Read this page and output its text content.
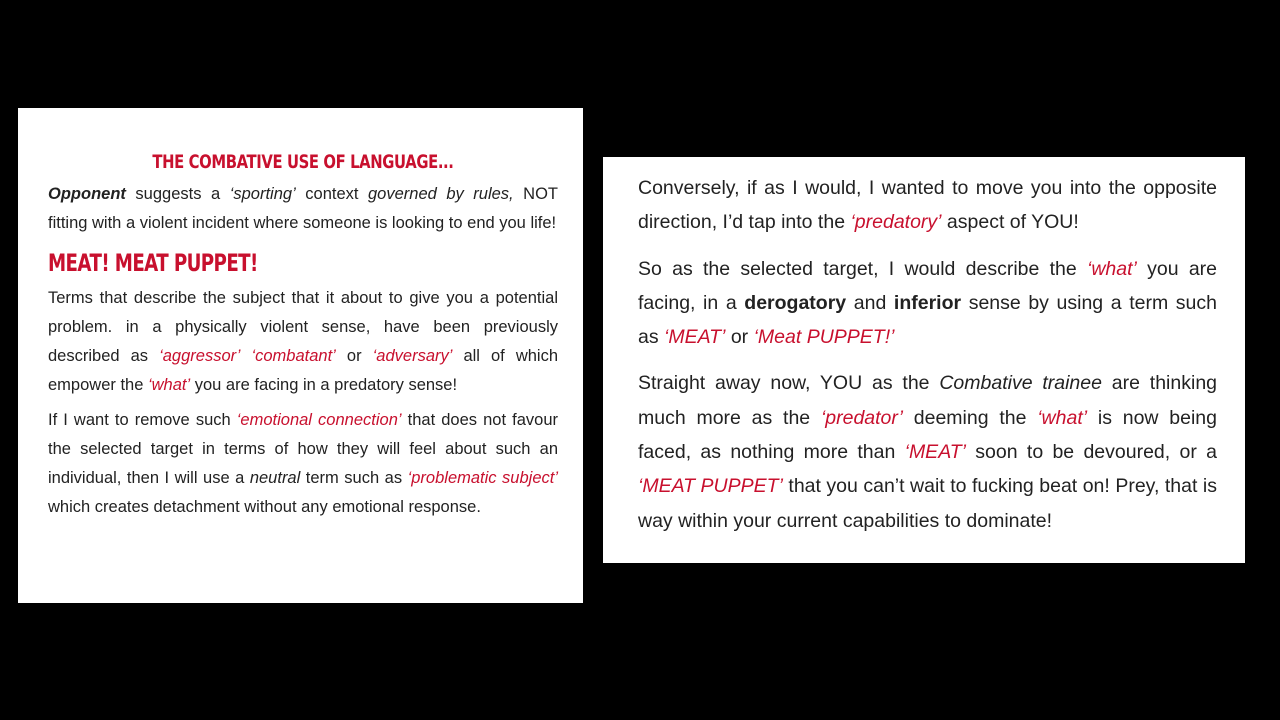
THE COMBATIVE USE OF LANGUAGE...

Opponent suggests a ‘sporting’ context governed by rules, NOT fitting with a violent incident where someone is looking to end you life!

MEAT! MEAT PUPPET!

Terms that describe the subject that it about to give you a potential problem. in a physically violent sense, have been previously described as ‘aggressor’ ‘combatant’ or ‘adversary’ all of which empower the ‘what’ you are facing in a predatory sense!

If I want to remove such ‘emotional connection’ that does not favour the selected target in terms of how they will feel about such an individual, then I will use a neutral term such as ‘problematic subject’ which creates detachment without any emotional response.

Conversely, if as I would, I wanted to move you into the opposite direction, I’d tap into the ‘predatory’ aspect of YOU!

So as the selected target, I would describe the ‘what’ you are facing, in a derogatory and inferior sense by using a term such as ‘MEAT’ or ‘Meat PUPPET!’

Straight away now, YOU as the Combative trainee are thinking much more as the ‘predator’ deeming the ‘what’ is now being faced, as nothing more than ‘MEAT’ soon to be devoured, or a ‘MEAT PUPPET’ that you can’t wait to fucking beat on! Prey, that is way within your current capabilities to dominate!
